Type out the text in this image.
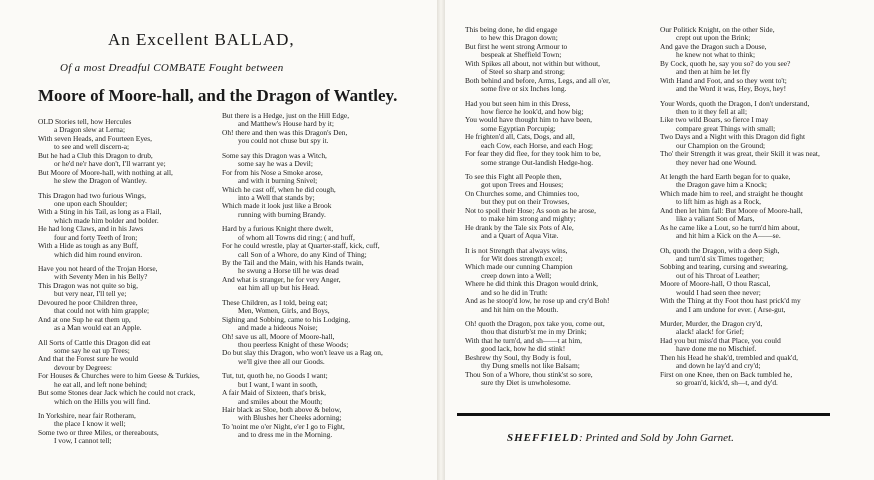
An Excellent BALLAD,
Of a most Dreadful COMBATE Fought between
Moore of Moore-hall, and the Dragon of Wantley.
OLD Stories tell, how Hercules
a Dragon slew at Lerna;
With seven Heads, and Fourteen Eyes,
to see and well discern-a;
But he had a Club this Dragon to drub,
or he'd ne'r have don't, I'll warrant ye;
But Moore of Moore-hall, with nothing at all,
he slew the Dragon of Wantley.
This Dragon had two furious Wings,
one upon each Shoulder;
With a Sting in his Tail, as long as a Flail,
which made him bolder and bolder.
He had long Claws, and in his Jaws
four and forty Teeth of Iron;
With a Hide as tough as any Buff,
which did him round environ.
Have you not heard of the Trojan Horse,
with Seventy Men in his Belly?
This Dragon was not quite so big,
but very near, I'll tell ye;
Devoured he poor Children three,
that could not with him grapple;
And at one Sup he eat them up,
as a Man would eat an Apple.
All Sorts of Cattle this Dragon did eat
some say he eat up Trees;
And that the Forest sure he would
devour by Degrees:
For Houses & Churches were to him Geese & Turkies,
he eat all, and left none behind;
But some Stones dear Jack which he could not crack,
which on the Hills you will find.
In Yorkshire, near fair Rotheram,
the place I know it well;
Some two or three Miles, or thereabouts,
I vow, I cannot tell;
But there is a Hedge, just on the Hill Edge,
and Matthew's House hard by it;
Oh! there and then was this Dragon's Den,
you could not chuse but spy it.
Some say this Dragon was a Witch,
some say he was a Devil;
For from his Nose a Smoke arose,
and with it burning Snivel;
Which he cast off, when he did cough,
into a Well that stands by;
Which made it look just like a Brook
running with burning Brandy.
Hard by a furious Knight there dwelt,
of whom all Towns did ring; ( and huff,
For he could wrestle, play at Quarter-staff, kick, cuff,
call Son of a Whore, do any Kind of Thing;
By the Tail and the Main, with his Hands twain,
he swung a Horse till he was dead
And what is stranger, he for very Anger,
eat him all up but his Head.
These Children, as I told, being eat;
Men, Women, Girls, and Boys,
Sighing and Sobbing, came to his Lodging,
and made a hideous Noise;
Oh! save us all, Moore of Moore-hall,
thou peerless Knight of these Woods;
Do but slay this Dragon, who won't leave us a Rag on,
we'll give thee all our Goods.
Tut, tut, quoth he, no Goods I want;
but I want, I want in sooth,
A fair Maid of Sixteen, that's brisk,
and smiles about the Mouth;
Hair black as Sloe, both above & below,
with Blushes her Cheeks adorning;
To 'noint me o'er Night, e'er I go to Fight,
and to dress me in the Morning.
This being done, he did engage
to hew this Dragon down;
But first he went strong Armour to
bespeak at Sheffield Town;
With Spikes all about, not within but without,
of Steel so sharp and strong;
Both behind and before, Arms, Legs, and all o'er,
some five or six Inches long.
Had you but seen him in this Dress,
how fierce he look'd, and how big;
You would have thought him to have been,
some Egyptian Porcupig;
He frighten'd all, Cats, Dogs, and all,
each Cow, each Horse, and each Hog;
For fear they did flee, for they took him to be,
some strange Out-landish Hedge-hog.
To see this Fight all People then,
got upon Trees and Houses;
On Churches some, and Chimnies too,
but they put on their Trowses,
Not to spoil their Hose; As soon as he arose,
to make him strong and mighty;
He drank by the Tale six Pots of Ale,
and a Quart of Aqua Vitæ.
It is not Strength that always wins,
for Wit does strength excel;
Which made our cunning Champion
creep down into a Well;
Where he did think this Dragon would drink,
and so he did in Truth:
And as he stoop'd low, he rose up and cry'd Boh!
and hit him on the Mouth.
Oh! quoth the Dragon, pox take you, come out,
thou that disturb'st me in my Drink;
With that he turn'd, and sh——t at him,
good lack, how he did stink!
Beshrew thy Soul, thy Body is foul,
thy Dung smells not like Balsam;
Thou Son of a Whore, thou stink'st so sore,
sure thy Diet is unwholesome.
Our Politick Knight, on the other Side,
crept out upon the Brink;
And gave the Dragon such a Douse,
he knew not what to think;
By Cock, quoth he, say you so? do you see?
and then at him he let fly
With Hand and Foot, and so they went to't;
and the Word it was, Hey, Boys, hey!
Your Words, quoth the Dragon, I don't understand,
then to it they fell at all;
Like two wild Boars, so fierce I may
compare great Things with small;
Two Days and a Night with this Dragon did fight
our Champion on the Ground;
Tho' their Strength it was great, their Skill it was neat,
they never had one Wound.
At length the hard Earth began for to quake,
the Dragon gave him a Knock;
Which made him to reel, and straight he thought
to lift him as high as a Rock,
And then let him fall: But Moore of Moore-hall,
like a valiant Son of Mars,
As he came like a Lout, so he turn'd him about,
and hit him a Kick on the A——se.
Oh, quoth the Dragon, with a deep Sigh,
and turn'd six Times together;
Sobbing and tearing, cursing and swearing,
out of his Throat of Leather;
Moore of Moore-hall, O thou Rascal,
would I had seen thee never;
With the Thing at thy Foot thou hast prick'd my
and I am undone for ever. ( Arse-gut,
Murder, Murder, the Dragon cry'd,
alack! alack! for Grief;
Had you but miss'd that Place, you could
have done me no Mischief.
Then his Head he shak'd, trembled and quak'd,
and down he lay'd and cry'd;
First on one Knee, then on Back tumbled he,
so groan'd, kick'd, sh—t, and dy'd.
SHEFFIELD: Printed and Sold by John Garnet.
